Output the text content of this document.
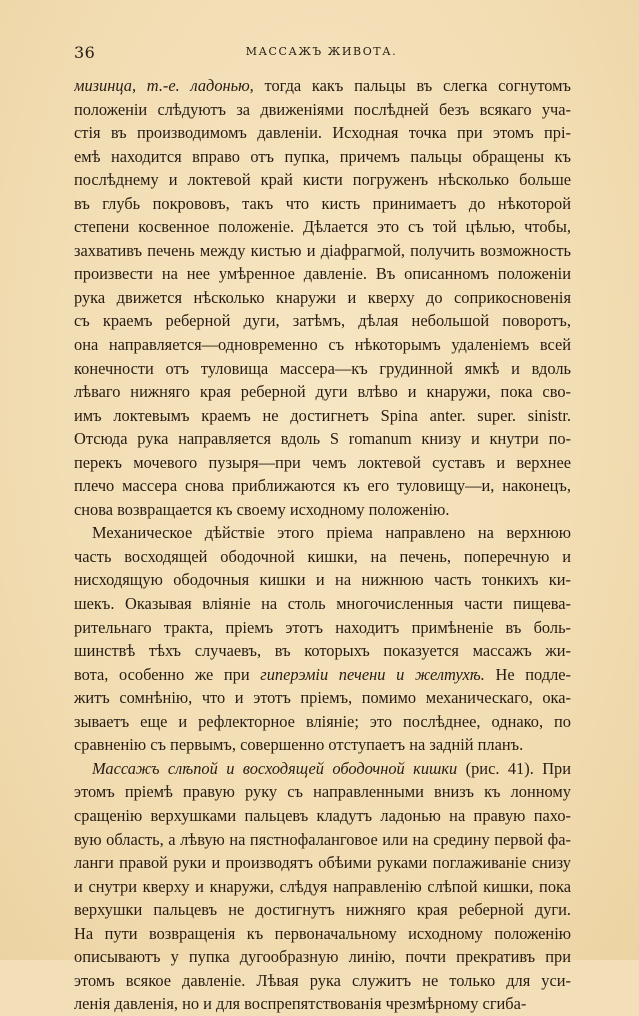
36	МАССАЖЪ ЖИВОТА.
мизинца, т.-е. ладонью, тогда какъ пальцы въ слегка согнутомъ
положеніи слѣдуютъ за движеніями послѣдней безъ всякаго уча-
стія въ производимомъ давленіи. Исходная точка при этомъ прі-
емѣ находится вправо отъ пупка, причемъ пальцы обращены къ
послѣднему и локтевой край кисти погруженъ нѣсколько больше
въ глубь покрововъ, такъ что кисть принимаетъ до нѣкоторой
степени косвенное положеніе. Дѣлается это съ той цѣлью, чтобы,
захвативъ печень между кистью и діафрагмой, получить возможность
произвести на нее умѣренное давленіе. Въ описанномъ положеніи
рука движется нѣсколько кнаружи и кверху до соприкосновенія
съ краемъ реберной дуги, затѣмъ, дѣлая небольшой поворотъ,
она направляется—одновременно съ нѣкоторымъ удаленіемъ всей
конечности отъ туловища массера—къ грудинной ямкѣ и вдоль
лѣваго нижняго края реберной дуги влѣво и кнаружи, пока сво-
имъ локтевымъ краемъ не достигнетъ Spina anter. super. sinistr.
Отсюда рука направляется вдоль S romanum книзу и кнутри по-
перекъ мочевого пузыря—при чемъ локтевой суставъ и верхнее
плечо массера снова приближаются къ его туловищу—и, наконецъ,
снова возвращается къ своему исходному положенію.
Механическое дѣйствіе этого пріема направлено на верхнюю
часть восходящей ободочной кишки, на печень, поперечную и
нисходящую ободочныя кишки и на нижнюю часть тонкихъ ки-
шекъ. Оказывая вліяніе на столь многочисленныя части пищева-
рительнаго тракта, пріемъ этотъ находитъ примѣненіе въ боль-
шинствѣ тѣхъ случаевъ, въ которыхъ показуется массажъ жи-
вота, особенно же при гиперэміи печени и желтухѣ. Не подле-
житъ сомнѣнію, что и этотъ пріемъ, помимо механическаго, ока-
зываетъ еще и рефлекторное вліяніе; это послѣднее, однако, по
сравненію съ первымъ, совершенно отступаетъ на задній планъ.
Массажъ слѣпой и восходящей ободочной кишки (рис. 41). При
этомъ пріемѣ правую руку съ направленными внизъ къ лонному
сращенію верхушками пальцевъ кладутъ ладонью на правую пахо-
вую область, а лѣвую на пястнофаланговое или на средину первой фа-
ланги правой руки и производятъ обѣими руками поглаживаніе снизу
и снутри кверху и кнаружи, слѣдуя направленію слѣпой кишки, пока
верхушки пальцевъ не достигнутъ нижняго края реберной дуги.
На пути возвращенія къ первоначальному исходному положенію
описываютъ у пупка дугообразную линію, почти прекративъ при
этомъ всякое давленіе. Лѣвая рука служитъ не только для уси-
ленія давленія, но и для воспрепятствованія чрезмѣрному сгиба-
